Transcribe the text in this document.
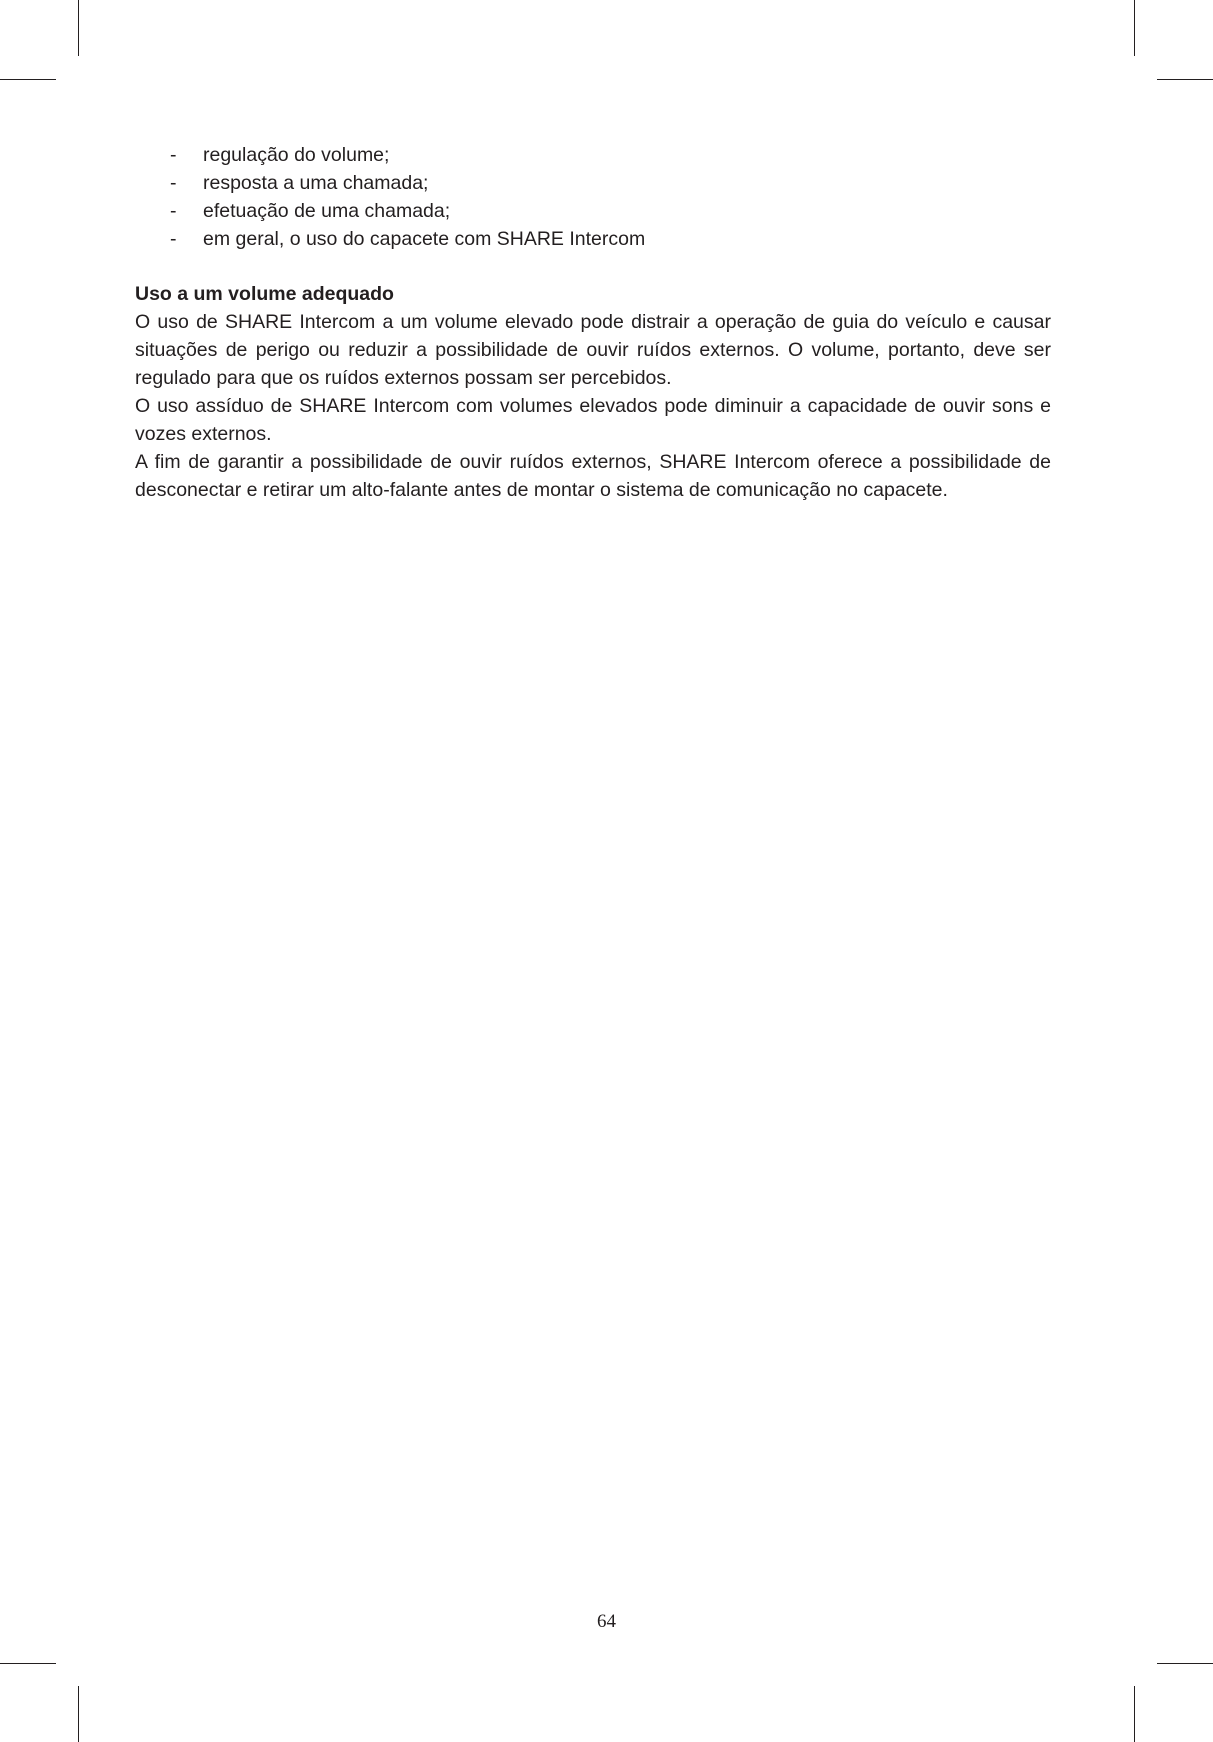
- regulação do volume;
- resposta a uma chamada;
- efetuação de uma chamada;
- em geral, o uso do capacete com SHARE Intercom
Uso a um volume adequado

O uso de SHARE Intercom a um volume elevado pode distrair a operação de guia do veículo e causar situações de perigo ou reduzir a possibilidade de ouvir ruídos externos. O volume, portanto, deve ser regulado para que os ruídos externos possam ser percebidos.

O uso assíduo de SHARE Intercom com volumes elevados pode diminuir a capacidade de ouvir sons e vozes externos.

A fim de garantir a possibilidade de ouvir ruídos externos, SHARE Intercom oferece a possibilidade de desconectar e retirar um alto-falante antes de montar o sistema de comunicação no capacete.

64
